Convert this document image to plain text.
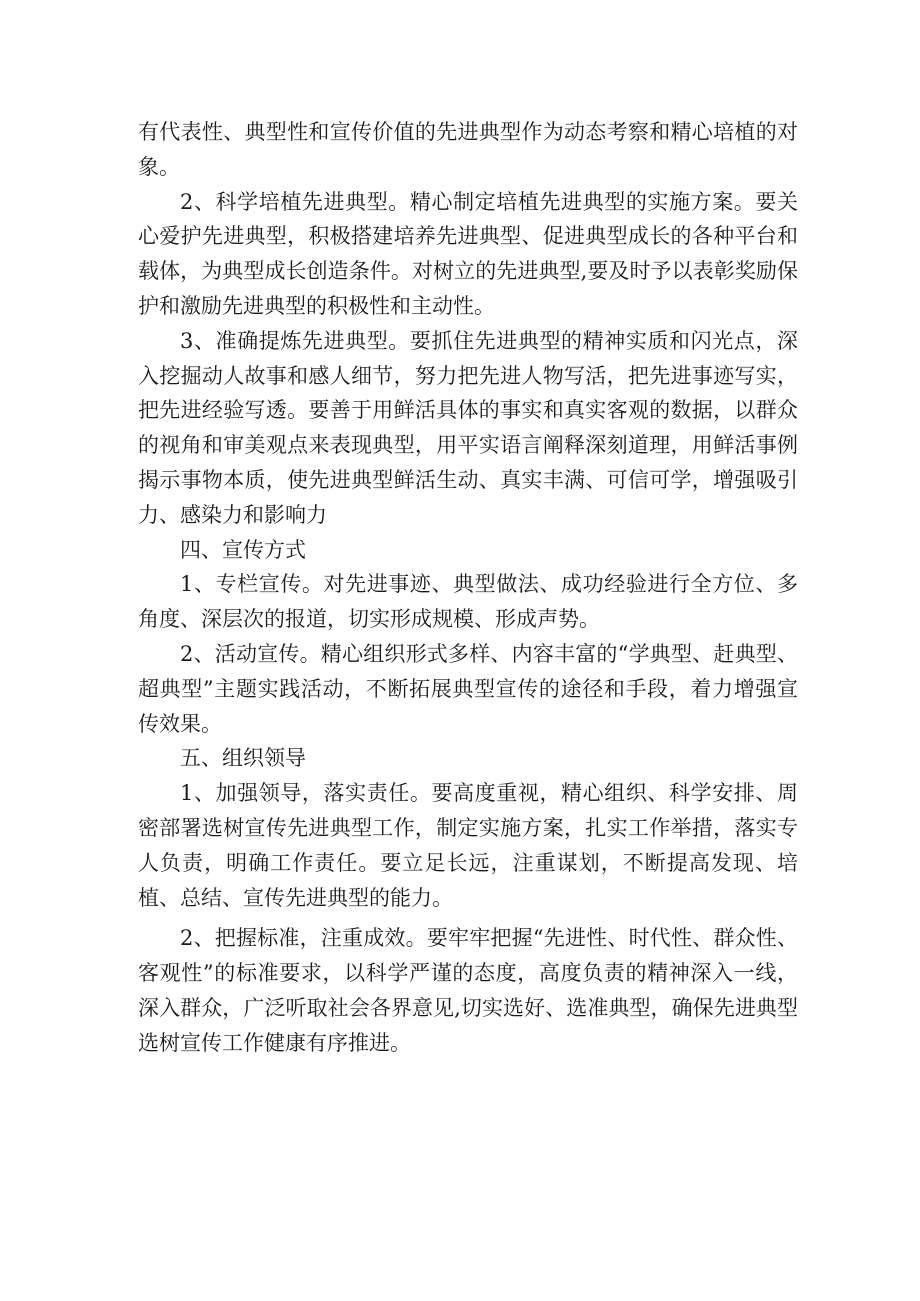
有代表性、典型性和宣传价值的先进典型作为动态考察和精心培植的对象。

2、科学培植先进典型。精心制定培植先进典型的实施方案。要关心爱护先进典型，积极搭建培养先进典型、促进典型成长的各种平台和载体，为典型成长创造条件。对树立的先进典型,要及时予以表彰奖励保护和激励先进典型的积极性和主动性。

3、准确提炼先进典型。要抓住先进典型的精神实质和闪光点，深入挖掘动人故事和感人细节，努力把先进人物写活，把先进事迹写实，把先进经验写透。要善于用鲜活具体的事实和真实客观的数据，以群众的视角和审美观点来表现典型，用平实语言阐释深刻道理，用鲜活事例揭示事物本质，使先进典型鲜活生动、真实丰满、可信可学，增强吸引力、感染力和影响力

四、宣传方式

1、专栏宣传。对先进事迹、典型做法、成功经验进行全方位、多角度、深层次的报道，切实形成规模、形成声势。

2、活动宣传。精心组织形式多样、内容丰富的“学典型、赶典型、超典型”主题实践活动，不断拓展典型宣传的途径和手段，着力增强宣传效果。

五、组织领导

1、加强领导，落实责任。要高度重视，精心组织、科学安排、周密部署选树宣传先进典型工作，制定实施方案，扎实工作举措，落实专人负责，明确工作责任。要立足长远，注重谋划，不断提高发现、培植、总结、宣传先进典型的能力。

2、把握标准，注重成效。要牢牢把握“先进性、时代性、群众性、客观性”的标准要求，以科学严谨的态度，高度负责的精神深入一线，深入群众，广泛听取社会各界意见,切实选好、选准典型，确保先进典型选树宣传工作健康有序推进。
